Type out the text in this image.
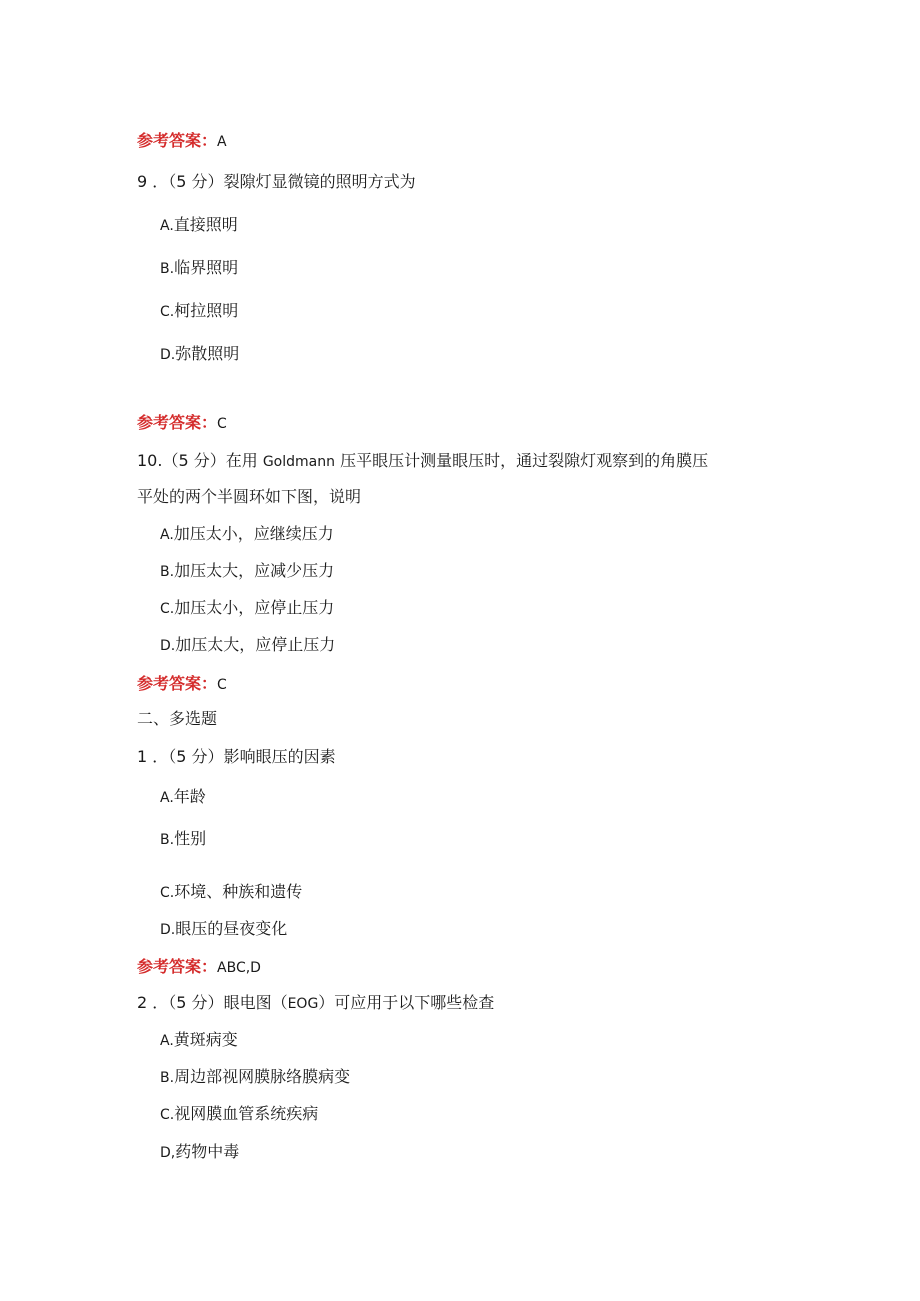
参考答案：A
9 ．（5 分）裂隙灯显微镜的照明方式为
A.直接照明
B.临界照明
C.柯拉照明
D.弥散照明
参考答案：C
10.（5 分）在用 Goldmann 压平眼压计测量眼压时，通过裂隙灯观察到的角膜压
平处的两个半圆环如下图，说明
A.加压太小，应继续压力
B.加压太大，应减少压力
C.加压太小，应停止压力
D.加压太大，应停止压力
参考答案：C
二、多选题
1 ．（5 分）影响眼压的因素
A.年龄
B.性别
C.环境、种族和遗传
D.眼压的昼夜变化
参考答案：ABC,D
2 ．（5 分）眼电图（EOG）可应用于以下哪些检查
A.黄斑病变
B.周边部视网膜脉络膜病变
C.视网膜血管系统疾病
D,药物中毒
